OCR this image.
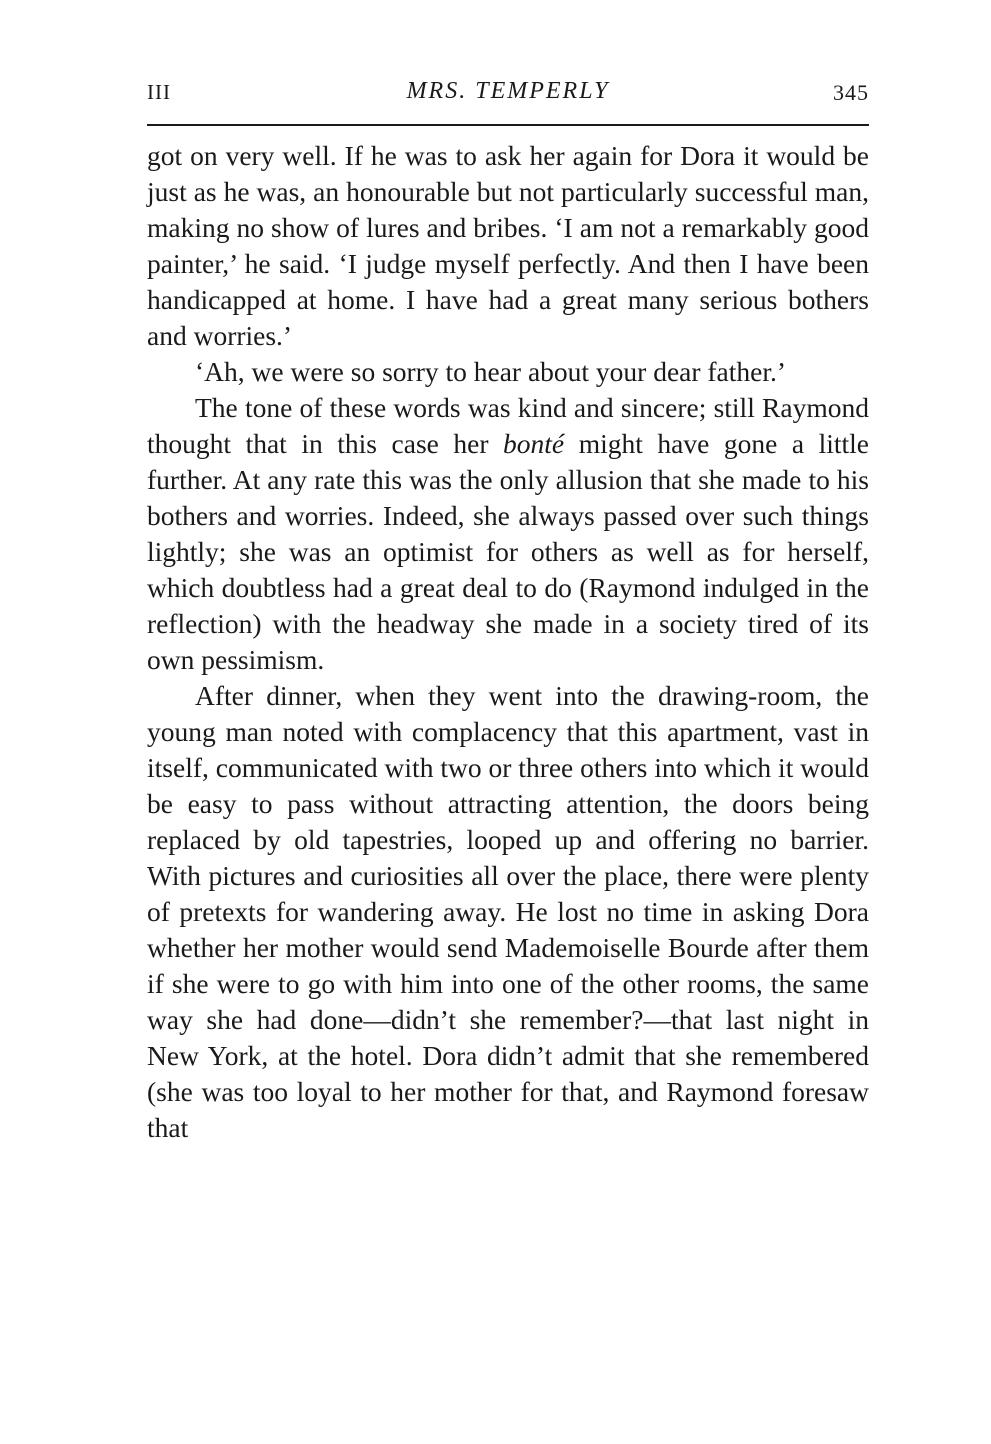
III	MRS. TEMPERLY	345

got on very well. If he was to ask her again for Dora it would be just as he was, an honourable but not particularly successful man, making no show of lures and bribes. ‘I am not a remarkably good painter,’ he said. ‘I judge myself perfectly. And then I have been handicapped at home. I have had a great many serious bothers and worries.’

‘Ah, we were so sorry to hear about your dear father.’

The tone of these words was kind and sincere; still Raymond thought that in this case her bonté might have gone a little further. At any rate this was the only allusion that she made to his bothers and worries. Indeed, she always passed over such things lightly; she was an optimist for others as well as for herself, which doubtless had a great deal to do (Raymond indulged in the reflection) with the headway she made in a society tired of its own pessimism.

After dinner, when they went into the drawing-room, the young man noted with complacency that this apartment, vast in itself, communicated with two or three others into which it would be easy to pass without attracting attention, the doors being replaced by old tapestries, looped up and offering no barrier. With pictures and curiosities all over the place, there were plenty of pretexts for wandering away. He lost no time in asking Dora whether her mother would send Mademoiselle Bourde after them if she were to go with him into one of the other rooms, the same way she had done—didn’t she remember?—that last night in New York, at the hotel. Dora didn’t admit that she remembered (she was too loyal to her mother for that, and Raymond foresaw that
